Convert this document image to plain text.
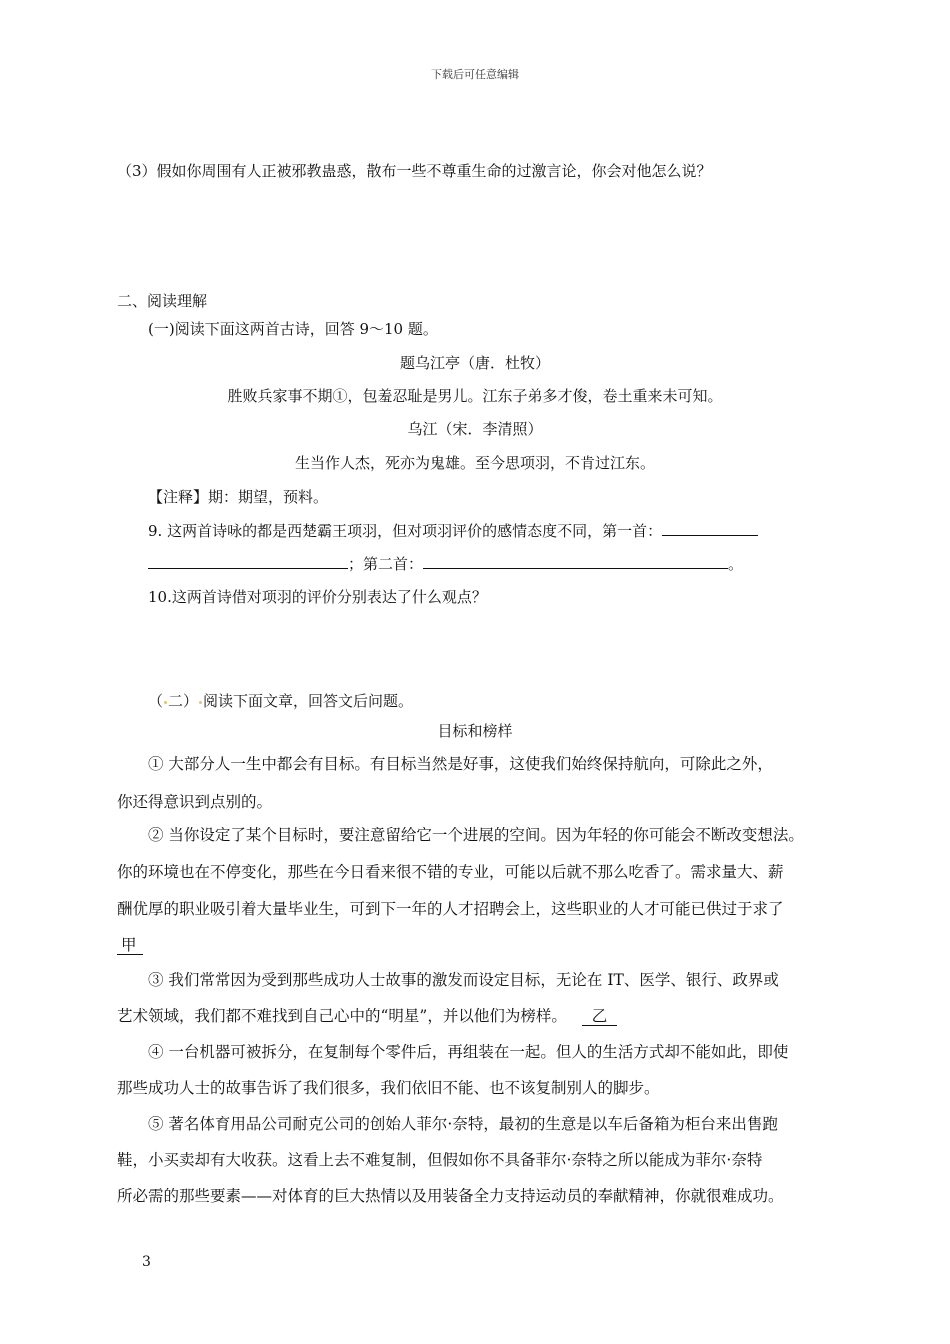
下载后可任意编辑
（3）假如你周围有人正被邪教蛊惑，散布一些不尊重生命的过激言论，你会对他怎么说？
二、阅读理解
(一)阅读下面这两首古诗，回答 9～10 题。
题乌江亭（唐．杜牧）
胜败兵家事不期①，包羞忍耻是男儿。江东子弟多才俊，卷土重来未可知。
乌江（宋．李清照）
生当作人杰，死亦为鬼雄。至今思项羽，不肯过江东。
【注释】期：期望，预料。
9. 这两首诗咏的都是西楚霸王项羽，但对项羽评价的感情态度不同，第一首：
；第二首：	。
10.这两首诗借对项羽的评价分别表达了什么观点？
（ 二） 阅读下面文章，回答文后问题。
目标和榜样
① 大部分人一生中都会有目标。有目标当然是好事，这使我们始终保持航向，可除此之外，
你还得意识到点别的。
② 当你设定了某个目标时，要注意留给它一个进展的空间。因为年轻的你可能会不断改变想法。
你的环境也在不停变化，那些在今日看来很不错的专业，可能以后就不那么吃香了。需求量大、薪
酬优厚的职业吸引着大量毕业生，可到下一年的人才招聘会上，这些职业的人才可能已供过于求了
甲
③ 我们常常因为受到那些成功人士故事的激发而设定目标，无论在 IT、医学、银行、政界或
艺术领域，我们都不难找到自己心中的“明星”，并以他们为榜样。 乙
④ 一台机器可被拆分，在复制每个零件后，再组装在一起。但人的生活方式却不能如此，即使
那些成功人士的故事告诉了我们很多，我们依旧不能、也不该复制别人的脚步。
⑤ 著名体育用品公司耐克公司的创始人菲尔·奈特，最初的生意是以车后备箱为柜台来出售跑
鞋，小买卖却有大收获。这看上去不难复制，但假如你不具备菲尔·奈特之所以能成为菲尔·奈特
所必需的那些要素——对体育的巨大热情以及用装备全力支持运动员的奉献精神，你就很难成功。
3
